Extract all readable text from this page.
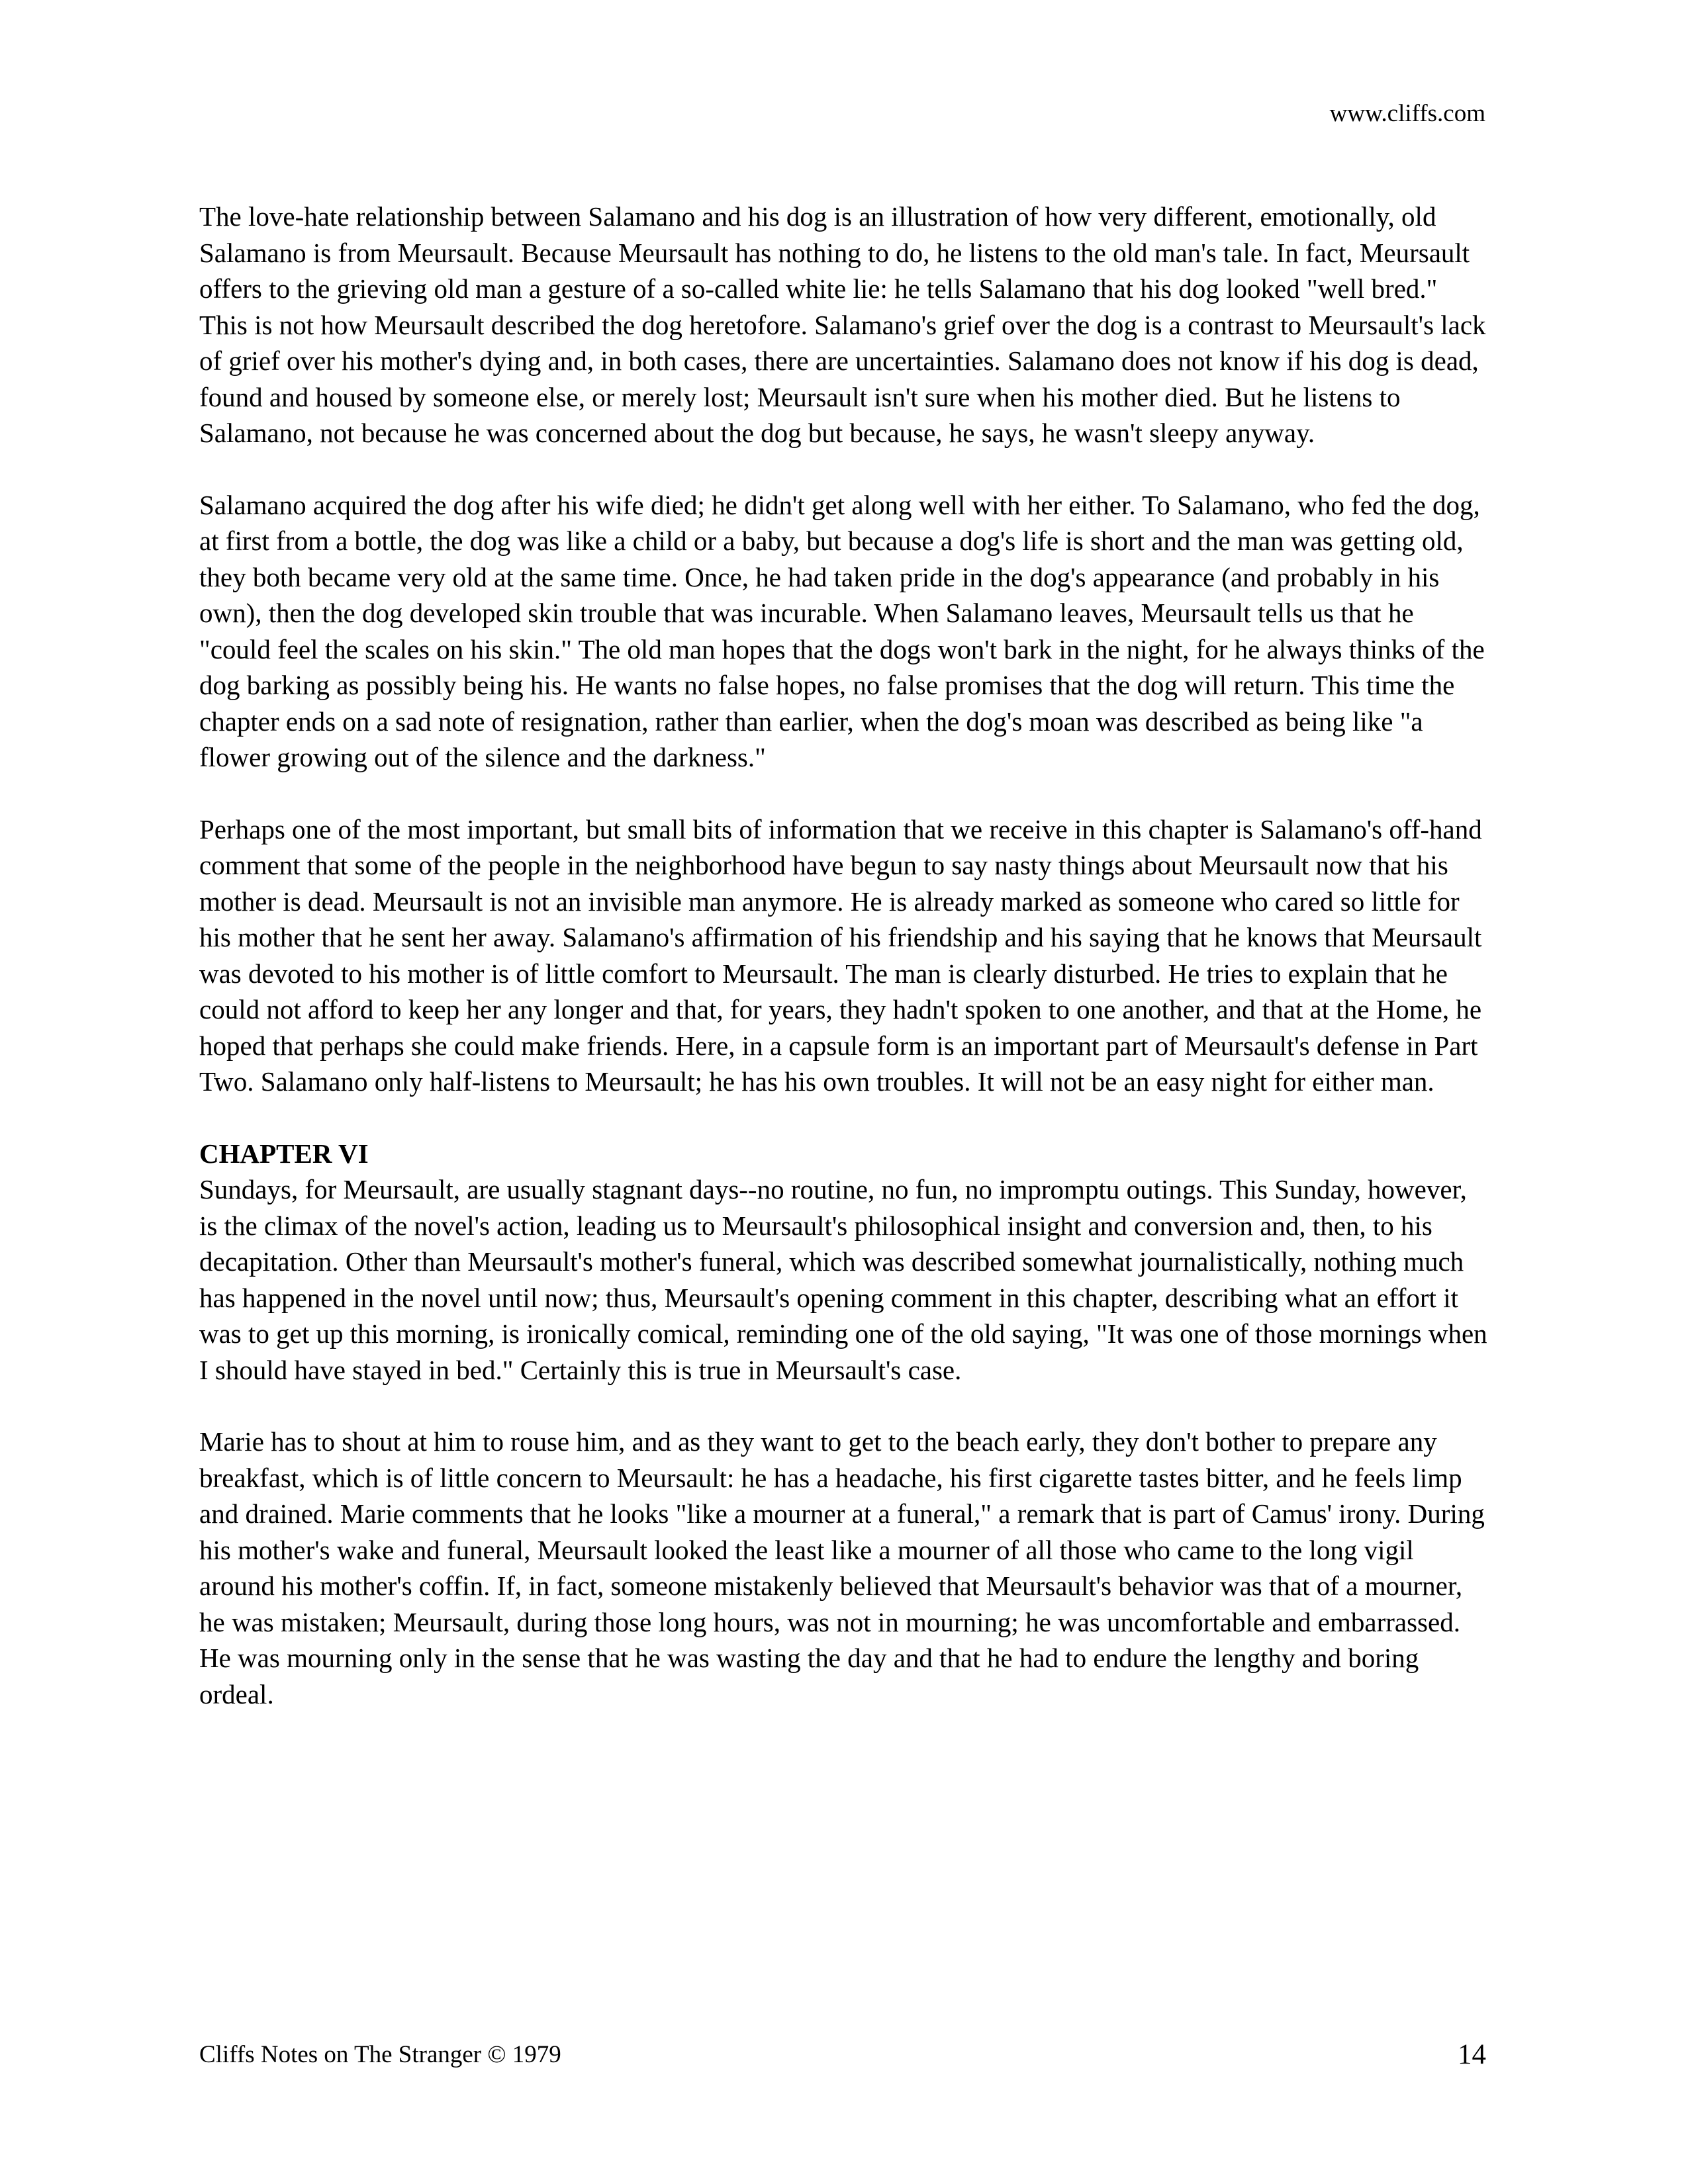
www.cliffs.com

The love-hate relationship between Salamano and his dog is an illustration of how very different, emotionally, old Salamano is from Meursault. Because Meursault has nothing to do, he listens to the old man's tale. In fact, Meursault offers to the grieving old man a gesture of a so-called white lie: he tells Salamano that his dog looked "well bred." This is not how Meursault described the dog heretofore. Salamano's grief over the dog is a contrast to Meursault's lack of grief over his mother's dying and, in both cases, there are uncertainties. Salamano does not know if his dog is dead, found and housed by someone else, or merely lost; Meursault isn't sure when his mother died. But he listens to Salamano, not because he was concerned about the dog but because, he says, he wasn't sleepy anyway.

Salamano acquired the dog after his wife died; he didn't get along well with her either. To Salamano, who fed the dog, at first from a bottle, the dog was like a child or a baby, but because a dog's life is short and the man was getting old, they both became very old at the same time. Once, he had taken pride in the dog's appearance (and probably in his own), then the dog developed skin trouble that was incurable. When Salamano leaves, Meursault tells us that he "could feel the scales on his skin." The old man hopes that the dogs won't bark in the night, for he always thinks of the dog barking as possibly being his. He wants no false hopes, no false promises that the dog will return. This time the chapter ends on a sad note of resignation, rather than earlier, when the dog's moan was described as being like "a flower growing out of the silence and the darkness."

Perhaps one of the most important, but small bits of information that we receive in this chapter is Salamano's off-hand comment that some of the people in the neighborhood have begun to say nasty things about Meursault now that his mother is dead. Meursault is not an invisible man anymore. He is already marked as someone who cared so little for his mother that he sent her away. Salamano's affirmation of his friendship and his saying that he knows that Meursault was devoted to his mother is of little comfort to Meursault. The man is clearly disturbed. He tries to explain that he could not afford to keep her any longer and that, for years, they hadn't spoken to one another, and that at the Home, he hoped that perhaps she could make friends. Here, in a capsule form is an important part of Meursault's defense in Part Two. Salamano only half-listens to Meursault; he has his own troubles. It will not be an easy night for either man.

CHAPTER VI

Sundays, for Meursault, are usually stagnant days--no routine, no fun, no impromptu outings. This Sunday, however, is the climax of the novel's action, leading us to Meursault's philosophical insight and conversion and, then, to his decapitation. Other than Meursault's mother's funeral, which was described somewhat journalistically, nothing much has happened in the novel until now; thus, Meursault's opening comment in this chapter, describing what an effort it was to get up this morning, is ironically comical, reminding one of the old saying, "It was one of those mornings when I should have stayed in bed." Certainly this is true in Meursault's case.

Marie has to shout at him to rouse him, and as they want to get to the beach early, they don't bother to prepare any breakfast, which is of little concern to Meursault: he has a headache, his first cigarette tastes bitter, and he feels limp and drained. Marie comments that he looks "like a mourner at a funeral," a remark that is part of Camus' irony. During his mother's wake and funeral, Meursault looked the least like a mourner of all those who came to the long vigil around his mother's coffin. If, in fact, someone mistakenly believed that Meursault's behavior was that of a mourner, he was mistaken; Meursault, during those long hours, was not in mourning; he was uncomfortable and embarrassed. He was mourning only in the sense that he was wasting the day and that he had to endure the lengthy and boring ordeal.

Cliffs Notes on The Stranger © 1979	14
